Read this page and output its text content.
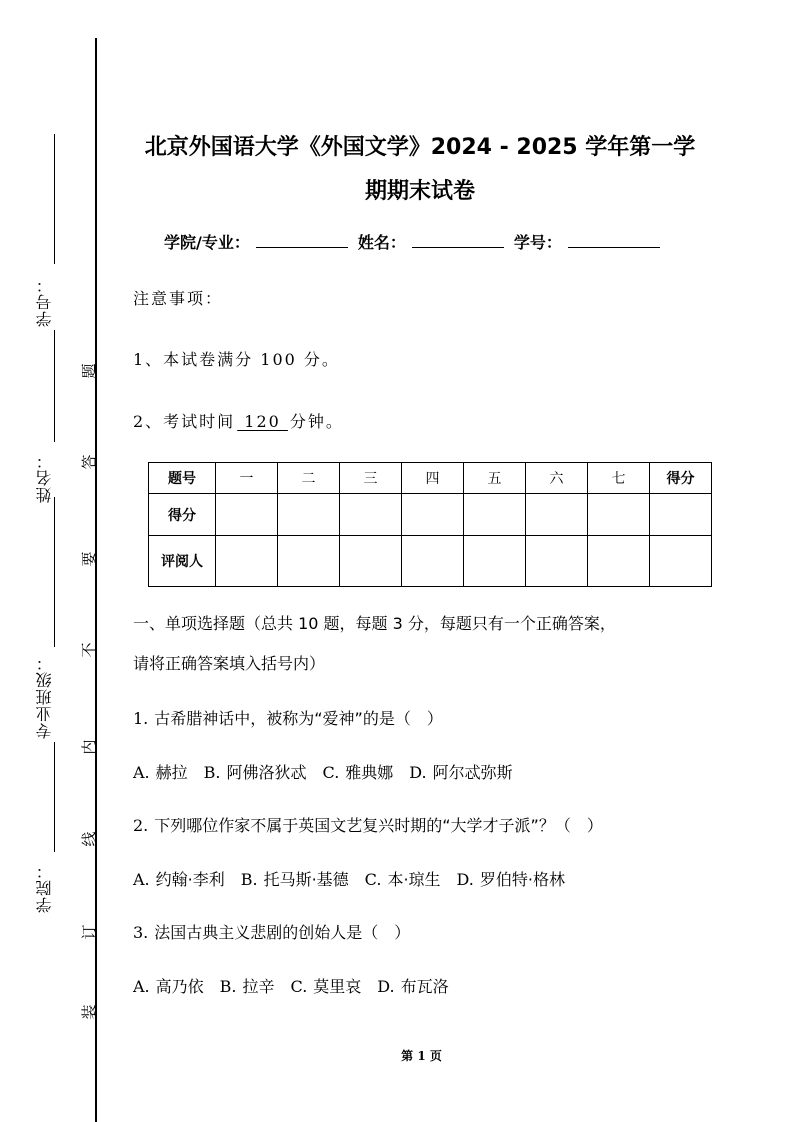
学号：
姓名：
专业班级：
学院：
题
答
要
不
内
线
订
装
北京外国语大学《外国文学》2024 - 2025 学年第一学
期期末试卷
学院/专业：	姓名：	学号：
注意事项：
1、本试卷满分 100 分。
2、考试时间 120 分钟。
题号	一	二	三	四	五	六	七	得分
得分								
评阅人								
一、单项选择题（总共 10 题，每题 3 分，每题只有一个正确答案，
请将正确答案填入括号内）
1. 古希腊神话中，被称为“爱神”的是（　）
A. 赫拉 B. 阿佛洛狄忒 C. 雅典娜 D. 阿尔忒弥斯
2. 下列哪位作家不属于英国文艺复兴时期的“大学才子派”？（　）
A. 约翰·李利 B. 托马斯·基德 C. 本·琼生 D. 罗伯特·格林
3. 法国古典主义悲剧的创始人是（　）
A. 高乃依 B. 拉辛 C. 莫里哀 D. 布瓦洛
第 1 页
